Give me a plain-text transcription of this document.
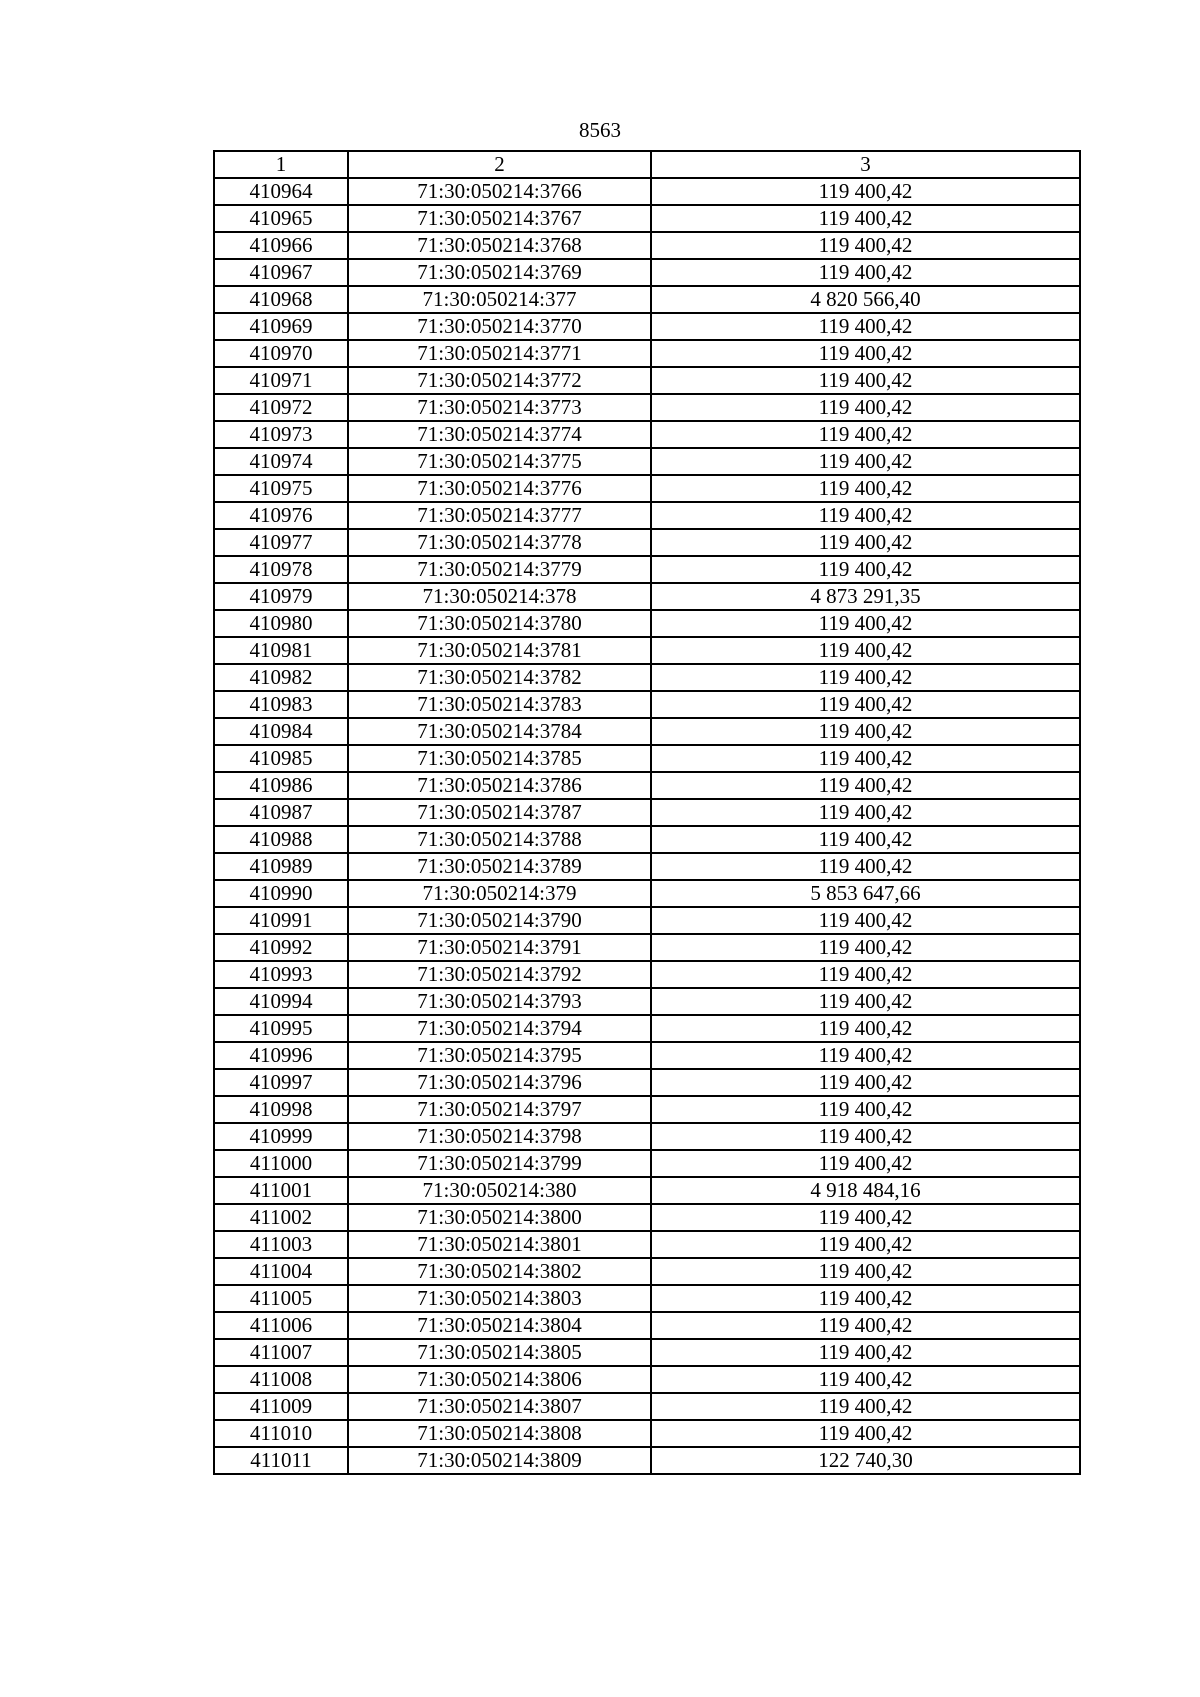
8563
1	2	3
410964	71:30:050214:3766	119 400,42
410965	71:30:050214:3767	119 400,42
410966	71:30:050214:3768	119 400,42
410967	71:30:050214:3769	119 400,42
410968	71:30:050214:377	4 820 566,40
410969	71:30:050214:3770	119 400,42
410970	71:30:050214:3771	119 400,42
410971	71:30:050214:3772	119 400,42
410972	71:30:050214:3773	119 400,42
410973	71:30:050214:3774	119 400,42
410974	71:30:050214:3775	119 400,42
410975	71:30:050214:3776	119 400,42
410976	71:30:050214:3777	119 400,42
410977	71:30:050214:3778	119 400,42
410978	71:30:050214:3779	119 400,42
410979	71:30:050214:378	4 873 291,35
410980	71:30:050214:3780	119 400,42
410981	71:30:050214:3781	119 400,42
410982	71:30:050214:3782	119 400,42
410983	71:30:050214:3783	119 400,42
410984	71:30:050214:3784	119 400,42
410985	71:30:050214:3785	119 400,42
410986	71:30:050214:3786	119 400,42
410987	71:30:050214:3787	119 400,42
410988	71:30:050214:3788	119 400,42
410989	71:30:050214:3789	119 400,42
410990	71:30:050214:379	5 853 647,66
410991	71:30:050214:3790	119 400,42
410992	71:30:050214:3791	119 400,42
410993	71:30:050214:3792	119 400,42
410994	71:30:050214:3793	119 400,42
410995	71:30:050214:3794	119 400,42
410996	71:30:050214:3795	119 400,42
410997	71:30:050214:3796	119 400,42
410998	71:30:050214:3797	119 400,42
410999	71:30:050214:3798	119 400,42
411000	71:30:050214:3799	119 400,42
411001	71:30:050214:380	4 918 484,16
411002	71:30:050214:3800	119 400,42
411003	71:30:050214:3801	119 400,42
411004	71:30:050214:3802	119 400,42
411005	71:30:050214:3803	119 400,42
411006	71:30:050214:3804	119 400,42
411007	71:30:050214:3805	119 400,42
411008	71:30:050214:3806	119 400,42
411009	71:30:050214:3807	119 400,42
411010	71:30:050214:3808	119 400,42
411011	71:30:050214:3809	122 740,30
